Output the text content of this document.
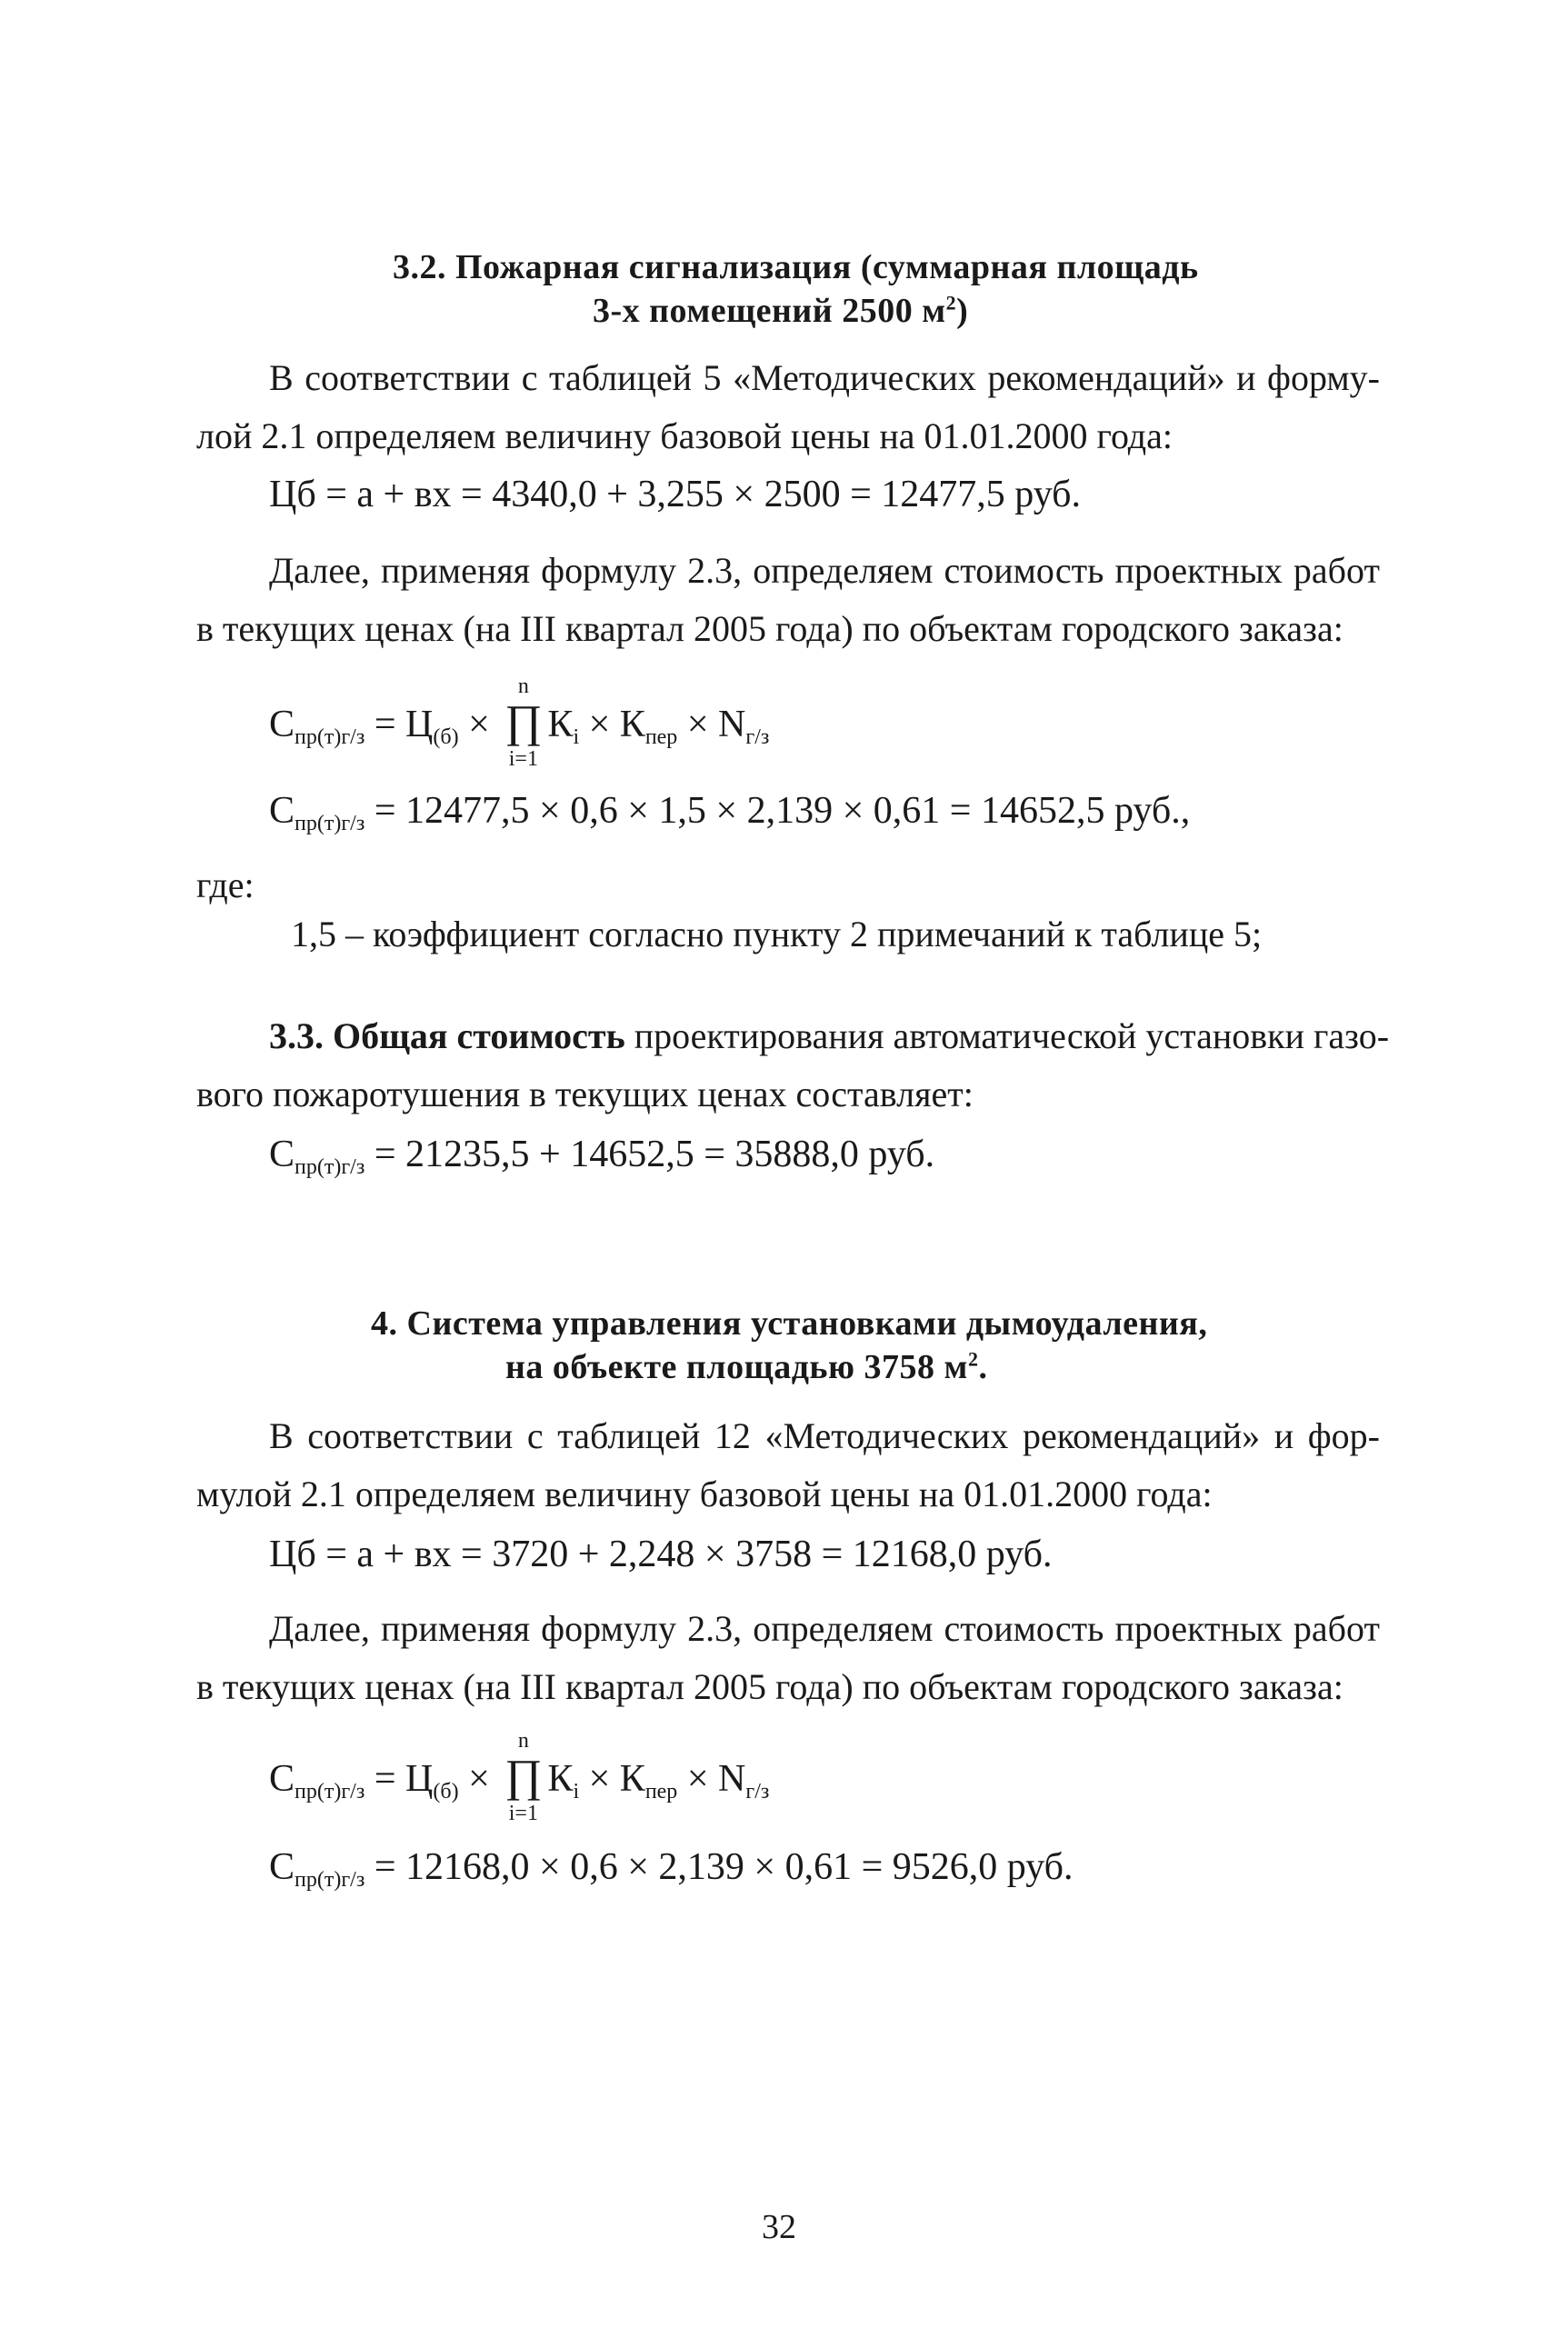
3.2. Пожарная сигнализация (суммарная площадь
3-х помещений 2500 $м^2$)
В соответствии с таблицей 5 «Методических рекомендаций» и форму-
лой 2.1 определяем величину базовой цены на 01.01.2000 года:
Цб = а + вх = 4340,0 + 3,255 × 2500 = 12477,5 руб.
Далее, применяя формулу 2.3, определяем стоимость проектных работ
в текущих ценах (на III квартал 2005 года) по объектам городского заказа:
$С_{пр(т)г/з} = Ц_{(б)}$ ×
n
∏
i=1
$К_i \times К_{пер} \times N_{г/з}$
$С_{пр(т)г/з} = 12477,5 \times 0,6 \times 1,5 \times 2,139 \times 0,61 = 14652,5$ руб.,
где:
1,5 – коэффициент согласно пункту 2 примечаний к таблице 5;
3.3. Общая стоимость проектирования автоматической установки газо-
вого пожаротушения в текущих ценах составляет:
$С_{пр(т)г/з} = 21235,5 + 14652,5 = 35888,0$ руб.
4. Система управления установками дымоудаления,
на объекте площадью 3758 $м^2$.
В соответствии с таблицей 12 «Методических рекомендаций» и фор-
мулой 2.1 определяем величину базовой цены на 01.01.2000 года:
Цб = а + вх = 3720 + 2,248 × 3758 = 12168,0 руб.
Далее, применяя формулу 2.3, определяем стоимость проектных работ
в текущих ценах (на III квартал 2005 года) по объектам городского заказа:
$С_{пр(т)г/з} = Ц_{(б)}$ ×
n
∏
i=1
$К_i \times К_{пер} \times N_{г/з}$
$С_{пр(т)г/з} = 12168,0 \times 0,6 \times 2,139 \times 0,61 = 9526,0$ руб.
32
